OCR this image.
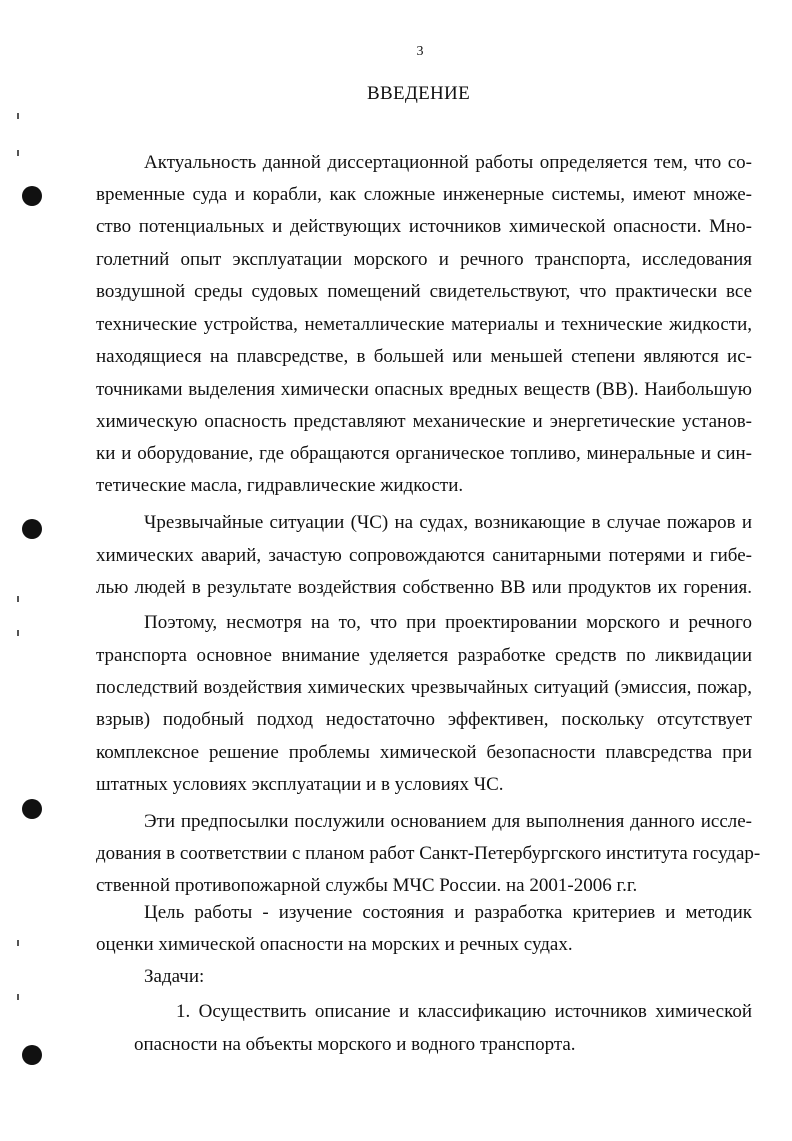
3
ВВЕДЕНИЕ
Актуальность данной диссертационной работы определяется тем, что со-
временные суда и корабли, как сложные инженерные системы, имеют множе-
ство потенциальных и действующих источников химической опасности. Мно-
голетний опыт эксплуатации морского и речного транспорта, исследования
воздушной среды судовых помещений свидетельствуют, что практически все
технические устройства, неметаллические материалы и технические жидкости,
находящиеся на плавсредстве, в большей или меньшей степени являются ис-
точниками выделения химически опасных вредных веществ (ВВ). Наибольшую
химическую опасность представляют механические и энергетические установ-
ки и оборудование, где обращаются органическое топливо, минеральные и син-
тетические масла, гидравлические жидкости.
Чрезвычайные ситуации (ЧС) на судах, возникающие в случае пожаров и
химических аварий, зачастую сопровождаются санитарными потерями и гибе-
лью людей в результате воздействия собственно ВВ или продуктов их горения.
Поэтому, несмотря на то, что при проектировании морского и речного
транспорта основное внимание уделяется разработке средств по ликвидации
последствий воздействия химических чрезвычайных ситуаций (эмиссия, пожар,
взрыв) подобный подход недостаточно эффективен, поскольку отсутствует
комплексное решение проблемы химической безопасности плавсредства при
штатных условиях эксплуатации и в условиях ЧС.
Эти предпосылки послужили основанием для выполнения данного иссле-
дования в соответствии с планом работ Санкт-Петербургского института государ-
ственной противопожарной службы МЧС России. на 2001-2006 г.г.
Цель работы - изучение состояния и разработка критериев и методик
оценки химической опасности на морских и речных судах.
Задачи:
1. Осуществить описание и классификацию источников химической
опасности на объекты морского и водного транспорта.
